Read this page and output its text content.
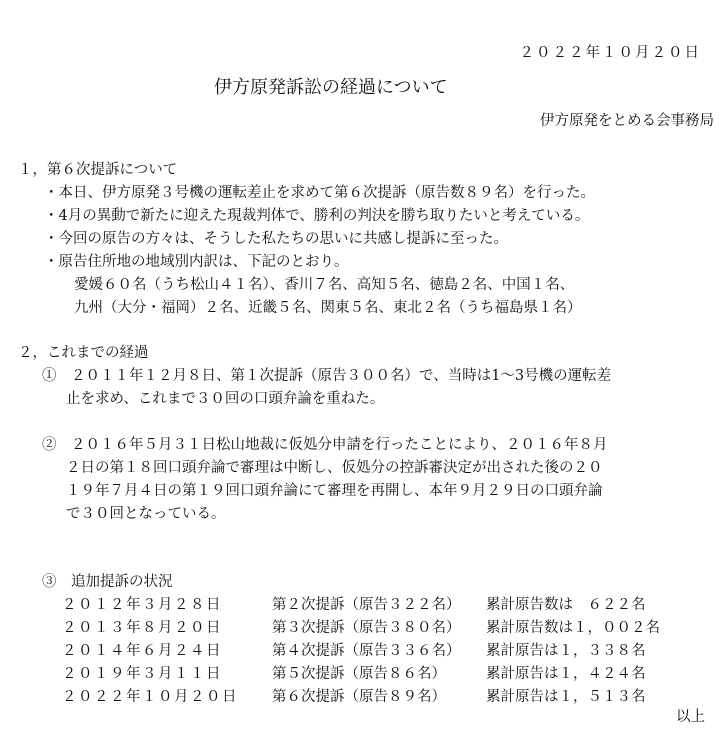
２０２２年１０月２０日
伊方原発訴訟の経過について
伊方原発をとめる会事務局
１，第６次提訴について
・本日、伊方原発３号機の運転差止を求めて第６次提訴（原告数８９名）を行った。
・4月の異動で新たに迎えた現裁判体で、勝利の判決を勝ち取りたいと考えている。
・今回の原告の方々は、そうした私たちの思いに共感し提訴に至った。
・原告住所地の地域別内訳は、下記のとおり。
愛媛６０名（うち松山４１名）、香川７名、高知５名、徳島２名、中国１名、
九州（大分・福岡）２名、近畿５名、関東５名、東北２名（うち福島県１名）
２，これまでの経過
①　２０１１年１２月８日、第１次提訴（原告３００名）で、当時は1～3号機の運転差
止を求め、これまで３０回の口頭弁論を重ねた。
②　２０１６年５月３１日松山地裁に仮処分申請を行ったことにより、２０１６年８月
２日の第１８回口頭弁論で審理は中断し、仮処分の控訴審決定が出された後の２０
１９年７月４日の第１９回口頭弁論にて審理を再開し、本年９月２９日の口頭弁論
で３０回となっている。
③　追加提訴の状況
２０１２年３月２８日	第２次提訴（原告３２２名） 累計原告数は　６２２名
２０１３年８月２０日	第３次提訴（原告３８０名） 累計原告数は１，００２名
２０１４年６月２４日	第４次提訴（原告３３６名） 累計原告は１，３３８名
２０１９年３月１１日	第５次提訴（原告８６名）	累計原告は１，４２４名
２０２２年１０月２０日 第６次提訴（原告８９名）	累計原告は１，５１３名
以上
